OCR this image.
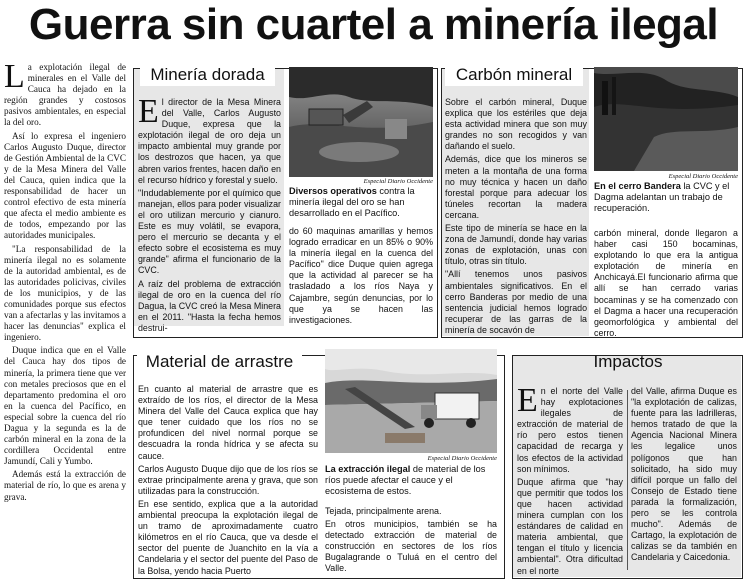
Guerra sin cuartel a minería ilegal

La explotación ilegal de minerales en el Valle del Cauca ha dejado en la región grandes y costosos pasivos ambientales, en especial la del oro.

Así lo expresa el ingeniero Carlos Augusto Duque, director de Gestión Ambiental de la CVC y de la Mesa Minera del Valle del Cauca, quien indica que la responsabilidad de hacer un control efectivo de esta minería que afecta el medio ambiente es de todos, empezando por las autoridades municipales.

"La responsabilidad de la minería ilegal no es solamente de la autoridad ambiental, es de las autoridades policivas, civiles de los municipios, y de las comunidades porque sus efectos van a afectarlas y las invitamos a hacer las denuncias" explica el ingeniero.

Duque indica que en el Valle del Cauca hay dos tipos de minería, la primera tiene que ver con metales preciosos que en el departamento predomina el oro en la cuenca del Pacífico, en especial sobre la cuenca del río Dagua y la segunda es la de carbón mineral en la zona de la cordillera Occidental entre Jamundí, Cali y Yumbo.

Además está la extracción de material de río, lo que es arena y grava.

Minería dorada

El director de la Mesa Minera del Valle, Carlos Augusto Duque, expresa que la explotación ilegal de oro deja un impacto ambiental muy grande por los destrozos que hacen, ya que abren varios frentes, hacen daño en el recurso hídrico y forestal y suelo.

"Indudablemente por el químico que manejan, ellos para poder visualizar el oro utilizan mercurio y cianuro. Este es muy volátil, se evapora, pero el mercurio se decanta y el efecto sobre el ecosistema es muy grande" afirma el funcionario de la CVC.

A raíz del problema de extracción ilegal de oro en la cuenca del río Dagua, la CVC creó la Mesa Minera en el 2011. "Hasta la fecha hemos destrui-

Especial Diario Occidente
Diversos operativos contra la minería ilegal del oro se han desarrollado en el Pacífico.
do 60 maquinas amarillas y hemos logrado erradicar en un 85% o 90% la minería ilegal en la cuenca del Pacífico" dice Duque quien agrega que la actividad al parecer se ha trasladado a los ríos Naya y Cajambre, según denuncias, por lo que ya se hacen las investigaciones.
Carbón mineral

Sobre el carbón mineral, Duque explica que los estériles que deja esta actividad minera que son muy grandes no son recogidos y van dañando el suelo.

Además, dice que los mineros se meten a la montaña de una forma no muy técnica y hacen un daño forestal porque para adecuar los túneles recortan la madera cercana.

Este tipo de minería se hace en la zona de Jamundí, donde hay varias zonas de explotación, unas con título, otras sin título.

"Allí tenemos unos pasivos ambientales significativos. En el cerro Banderas por medio de una sentencia judicial hemos logrado recuperar de las garras de la minería de socavón de

Especial Diario Occidente
En el cerro Bandera la CVC y el Dagma adelantan un trabajo de recuperación.
carbón mineral, donde llegaron a haber casi 150 bocaminas, explotando lo que era la antigua explotación de minería en Anchicayá.El funcionario afirma que allí se han cerrado varias bocaminas y se ha comenzado con el Dagma a hacer una recuperación geomorfológica y ambiental del cerro.
Material de arrastre

En cuanto al material de arrastre que es extraído de los ríos, el director de la Mesa Minera del Valle del Cauca explica que hay que tener cuidado que los ríos no se profundicen del nivel normal porque se descuadra la ronda hídrica y se afecta su cauce.

Carlos Augusto Duque dijo que de los ríos se extrae principalmente arena y grava, que son utilizadas para la construcción.

En ese sentido, explica que a la autoridad ambiental preocupa la explotación ilegal de un tramo de aproximadamente cuatro kilómetros en el río Cauca, que va desde el sector del puente de Juanchito en la vía a Candelaria y el sector del puente del Paso de la Bolsa, yendo hacia Puerto

Especial Diario Occidente
La extracción ilegal de material de los ríos puede afectar el cauce y el ecosistema de estos.

Tejada, principalmente arena.

En otros municipios, también se ha detectado extracción de material de construcción en sectores de los ríos Bugalagrande o Tuluá en el centro del Valle.

Impactos

En el norte del Valle hay explotaciones ilegales de extracción de material de río pero estos tienen capacidad de recarga y los efectos de la actividad son mínimos.

Duque afirma que "hay que permitir que todos los que hacen actividad minera cumplan con los estándares de calidad en materia ambiental, que tengan el título y licencia ambiental". Otra dificultad en el norte

del Valle, afirma Duque es "la explotación de calizas, fuente para las ladrilleras, hemos tratado de que la Agencia Nacional Minera les legalice unos polígonos que han solicitado, ha sido muy difícil porque un fallo del Consejo de Estado tiene parada la formalización, pero se les controla mucho". Además de Cartago, la explotación de calizas se da también en Candelaria y Caicedonia.
